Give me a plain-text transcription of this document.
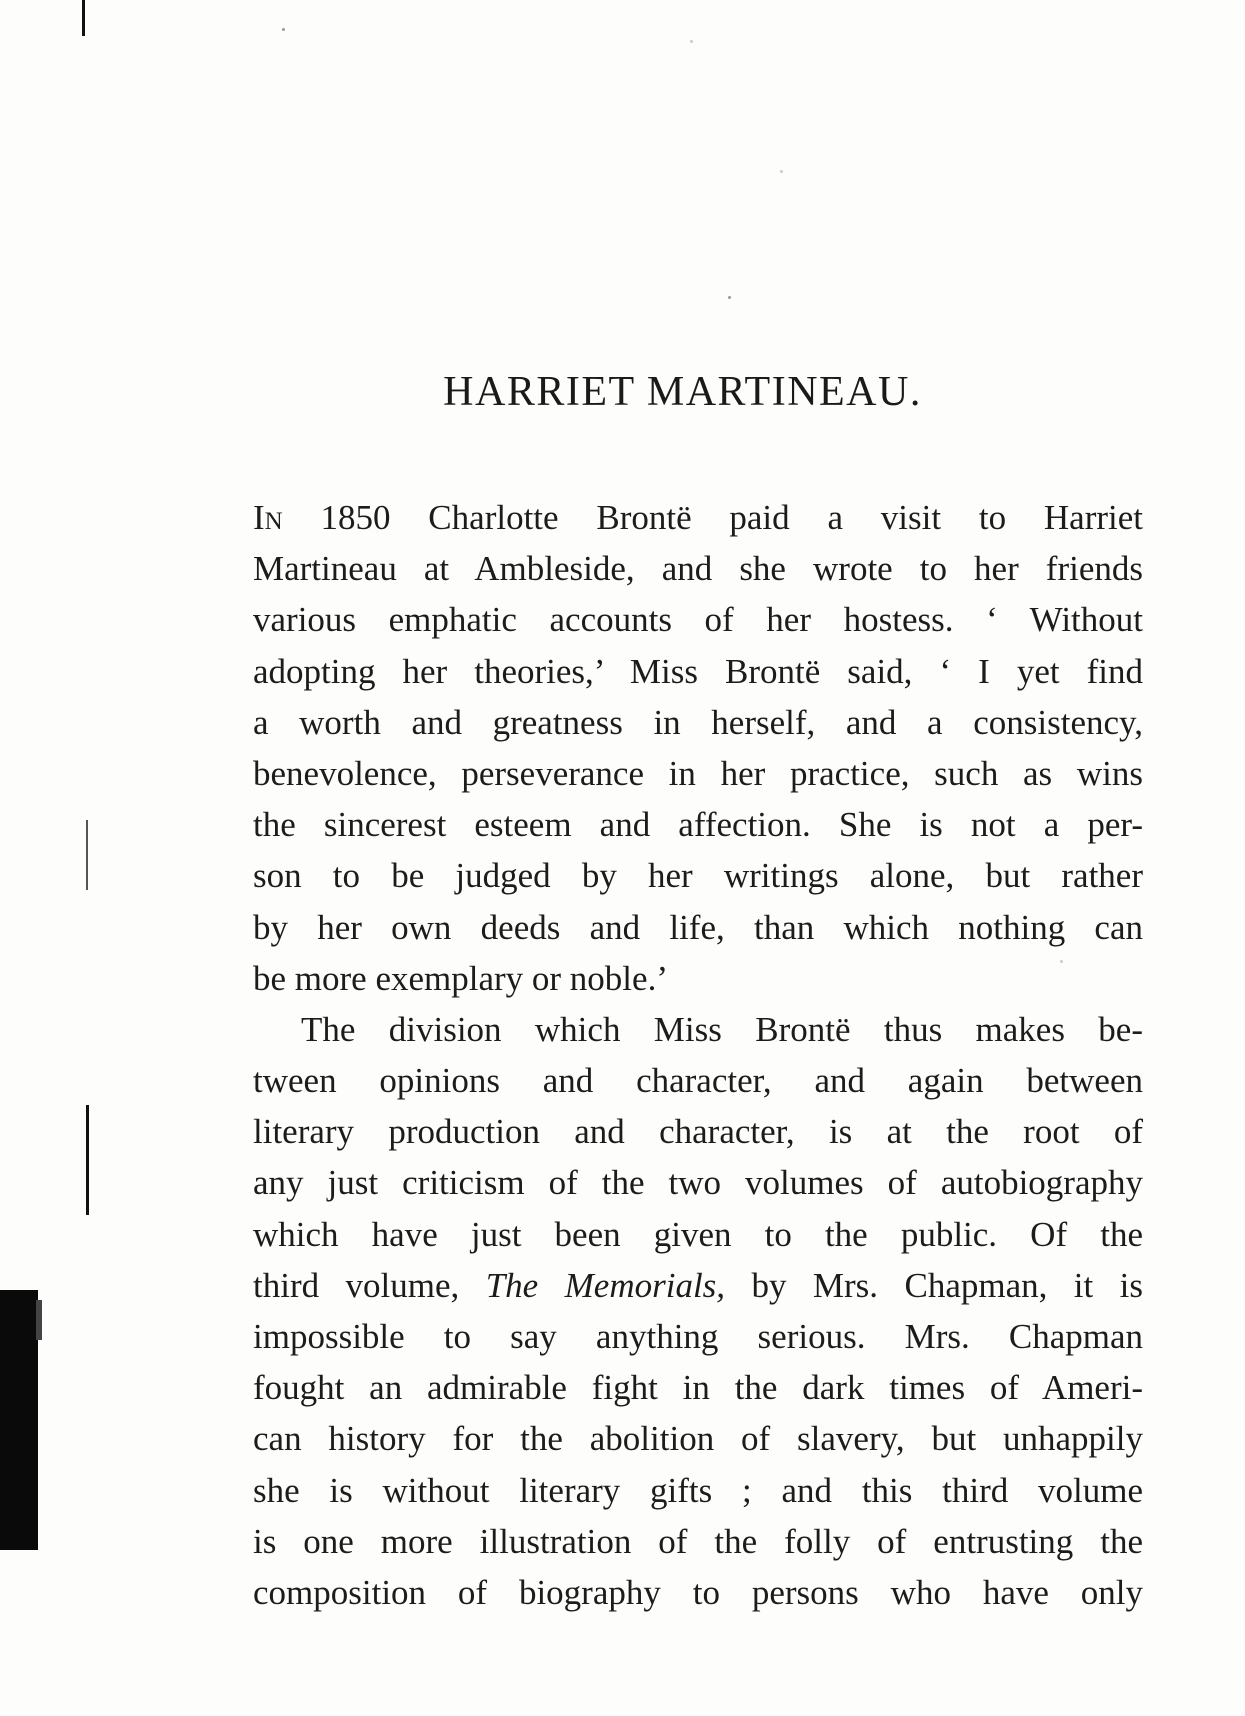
HARRIET MARTINEAU.
In 1850 Charlotte Brontë paid a visit to Harriet
Martineau at Ambleside, and she wrote to her friends
various emphatic accounts of her hostess. ‘ Without
adopting her theories,’ Miss Brontë said, ‘ I yet find
a worth and greatness in herself, and a consistency,
benevolence, perseverance in her practice, such as wins
the sincerest esteem and affection. She is not a per-
son to be judged by her writings alone, but rather
by her own deeds and life, than which nothing can
be more exemplary or noble.’
The division which Miss Brontë thus makes be-
tween opinions and character, and again between
literary production and character, is at the root of
any just criticism of the two volumes of autobiography
which have just been given to the public. Of the
third volume, The Memorials, by Mrs. Chapman, it is
impossible to say anything serious. Mrs. Chapman
fought an admirable fight in the dark times of Ameri-
can history for the abolition of slavery, but unhappily
she is without literary gifts ; and this third volume
is one more illustration of the folly of entrusting the
composition of biography to persons who have only
